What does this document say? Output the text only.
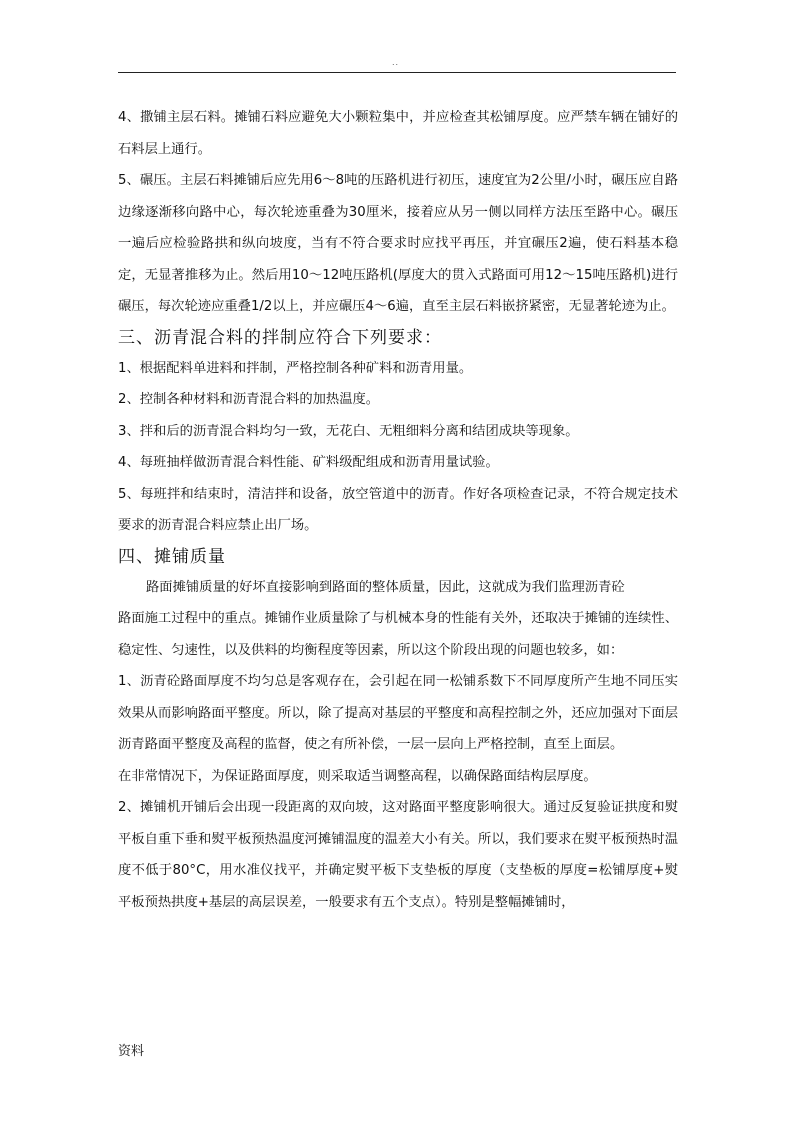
..

4、撒铺主层石料。摊铺石料应避免大小颗粒集中，并应检查其松铺厚度。应严禁车辆在铺好的石料层上通行。

5、碾压。主层石料摊铺后应先用6～8吨的压路机进行初压，速度宜为2公里/小时，碾压应自路边缘逐渐移向路中心，每次轮迹重叠为30厘米，接着应从另一侧以同样方法压至路中心。碾压一遍后应检验路拱和纵向坡度，当有不符合要求时应找平再压，并宜碾压2遍，使石料基本稳定，无显著推移为止。然后用10～12吨压路机(厚度大的贯入式路面可用12～15吨压路机)进行碾压，每次轮迹应重叠1/2以上，并应碾压4～6遍，直至主层石料嵌挤紧密，无显著轮迹为止。

三、沥青混合料的拌制应符合下列要求：

1、根据配料单进料和拌制，严格控制各种矿料和沥青用量。

2、控制各种材料和沥青混合料的加热温度。

3、拌和后的沥青混合料均匀一致，无花白、无粗细料分离和结团成块等现象。

4、每班抽样做沥青混合料性能、矿料级配组成和沥青用量试验。

5、每班拌和结束时，清洁拌和设备，放空管道中的沥青。作好各项检查记录，不符合规定技术要求的沥青混合料应禁止出厂场。

四、摊铺质量

路面摊铺质量的好坏直接影响到路面的整体质量，因此，这就成为我们监理沥青砼

路面施工过程中的重点。摊铺作业质量除了与机械本身的性能有关外，还取决于摊铺的连续性、稳定性、匀速性，以及供料的均衡程度等因素，所以这个阶段出现的问题也较多，如：

1、沥青砼路面厚度不均匀总是客观存在，会引起在同一松铺系数下不同厚度所产生地不同压实效果从而影响路面平整度。所以，除了提高对基层的平整度和高程控制之外，还应加强对下面层沥青路面平整度及高程的监督，使之有所补偿，一层一层向上严格控制，直至上面层。

在非常情况下，为保证路面厚度，则采取适当调整高程，以确保路面结构层厚度。

2、摊铺机开铺后会出现一段距离的双向坡，这对路面平整度影响很大。通过反复验证拱度和熨平板自重下垂和熨平板预热温度河摊铺温度的温差大小有关。所以，我们要求在熨平板预热时温度不低于80°C，用水准仪找平，并确定熨平板下支垫板的厚度（支垫板的厚度=松铺厚度+熨平板预热拱度+基层的高层误差，一般要求有五个支点）。特别是整幅摊铺时，

资料
